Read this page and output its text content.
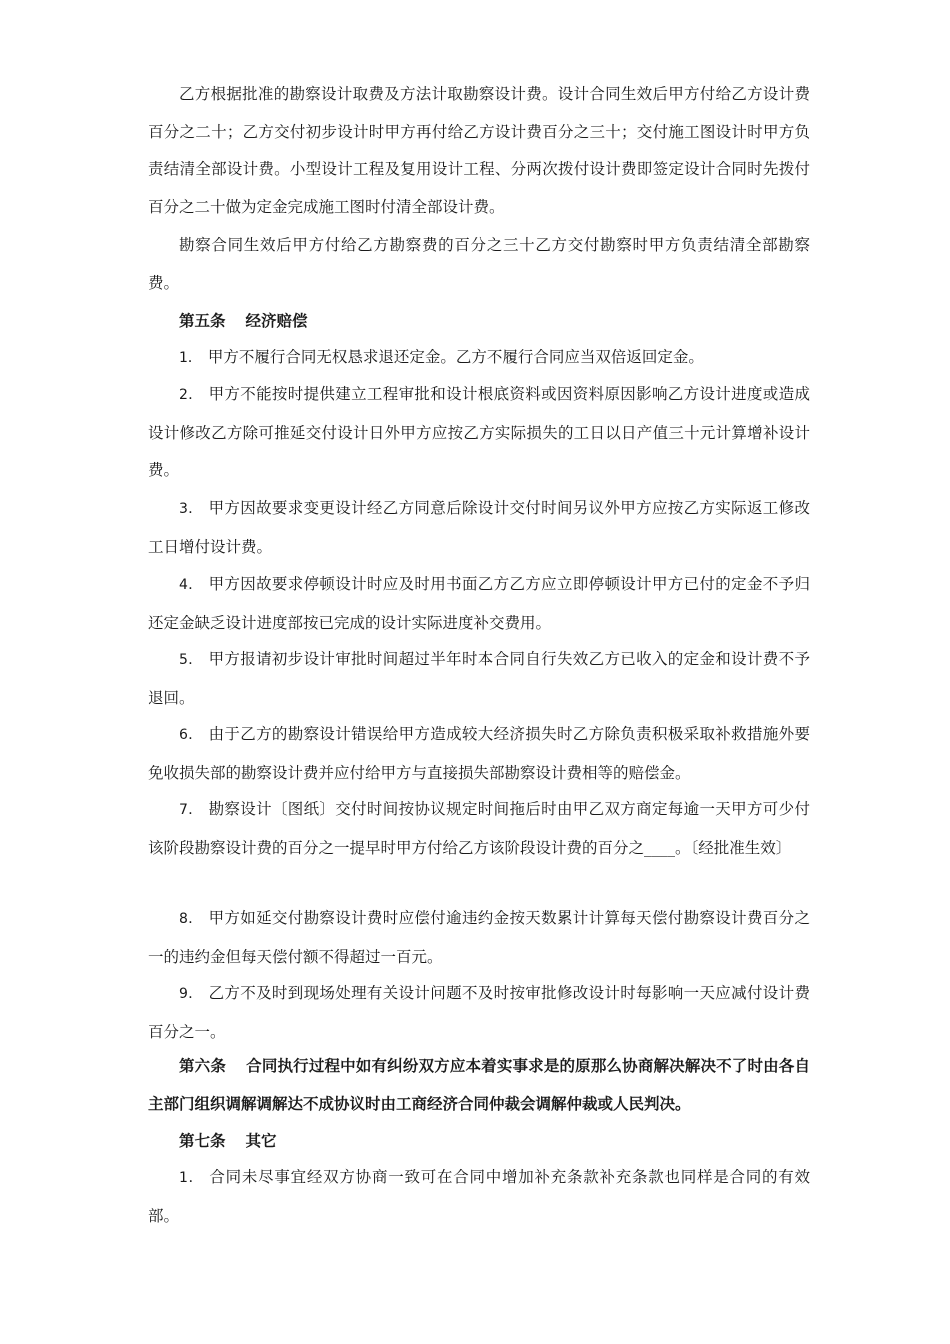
乙方根据批准的勘察设计取费及方法计取勘察设计费。设计合同生效后甲方付给乙方设计费百分之二十；乙方交付初步设计时甲方再付给乙方设计费百分之三十；交付施工图设计时甲方负责结清全部设计费。小型设计工程及复用设计工程、分两次拨付设计费即签定设计合同时先拨付百分之二十做为定金完成施工图时付清全部设计费。

勘察合同生效后甲方付给乙方勘察费的百分之三十乙方交付勘察时甲方负责结清全部勘察费。

第五条 经济赔偿

1． 甲方不履行合同无权恳求退还定金。乙方不履行合同应当双倍返回定金。

2． 甲方不能按时提供建立工程审批和设计根底资料或因资料原因影响乙方设计进度或造成设计修改乙方除可推延交付设计日外甲方应按乙方实际损失的工日以日产值三十元计算增补设计费。

3． 甲方因故要求变更设计经乙方同意后除设计交付时间另议外甲方应按乙方实际返工修改工日增付设计费。

4． 甲方因故要求停顿设计时应及时用书面乙方乙方应立即停顿设计甲方已付的定金不予归还定金缺乏设计进度部按已完成的设计实际进度补交费用。

5． 甲方报请初步设计审批时间超过半年时本合同自行失效乙方已收入的定金和设计费不予退回。

6． 由于乙方的勘察设计错误给甲方造成较大经济损失时乙方除负责积极采取补救措施外要免收损失部的勘察设计费并应付给甲方与直接损失部勘察设计费相等的赔偿金。

7． 勘察设计〔图纸〕交付时间按协议规定时间拖后时由甲乙双方商定每逾一天甲方可少付该阶段勘察设计费的百分之一提早时甲方付给乙方该阶段设计费的百分之____。〔经批准生效〕

8． 甲方如延交付勘察设计费时应偿付逾违约金按天数累计计算每天偿付勘察设计费百分之一的违约金但每天偿付额不得超过一百元。

9． 乙方不及时到现场处理有关设计问题不及时按审批修改设计时每影响一天应减付设计费百分之一。

第六条 合同执行过程中如有纠纷双方应本着实事求是的原那么协商解决解决不了时由各自主部门组织调解调解达不成协议时由工商经济合同仲裁会调解仲裁或人民判决。

第七条 其它

1． 合同未尽事宜经双方协商一致可在合同中增加补充条款补充条款也同样是合同的有效部。
